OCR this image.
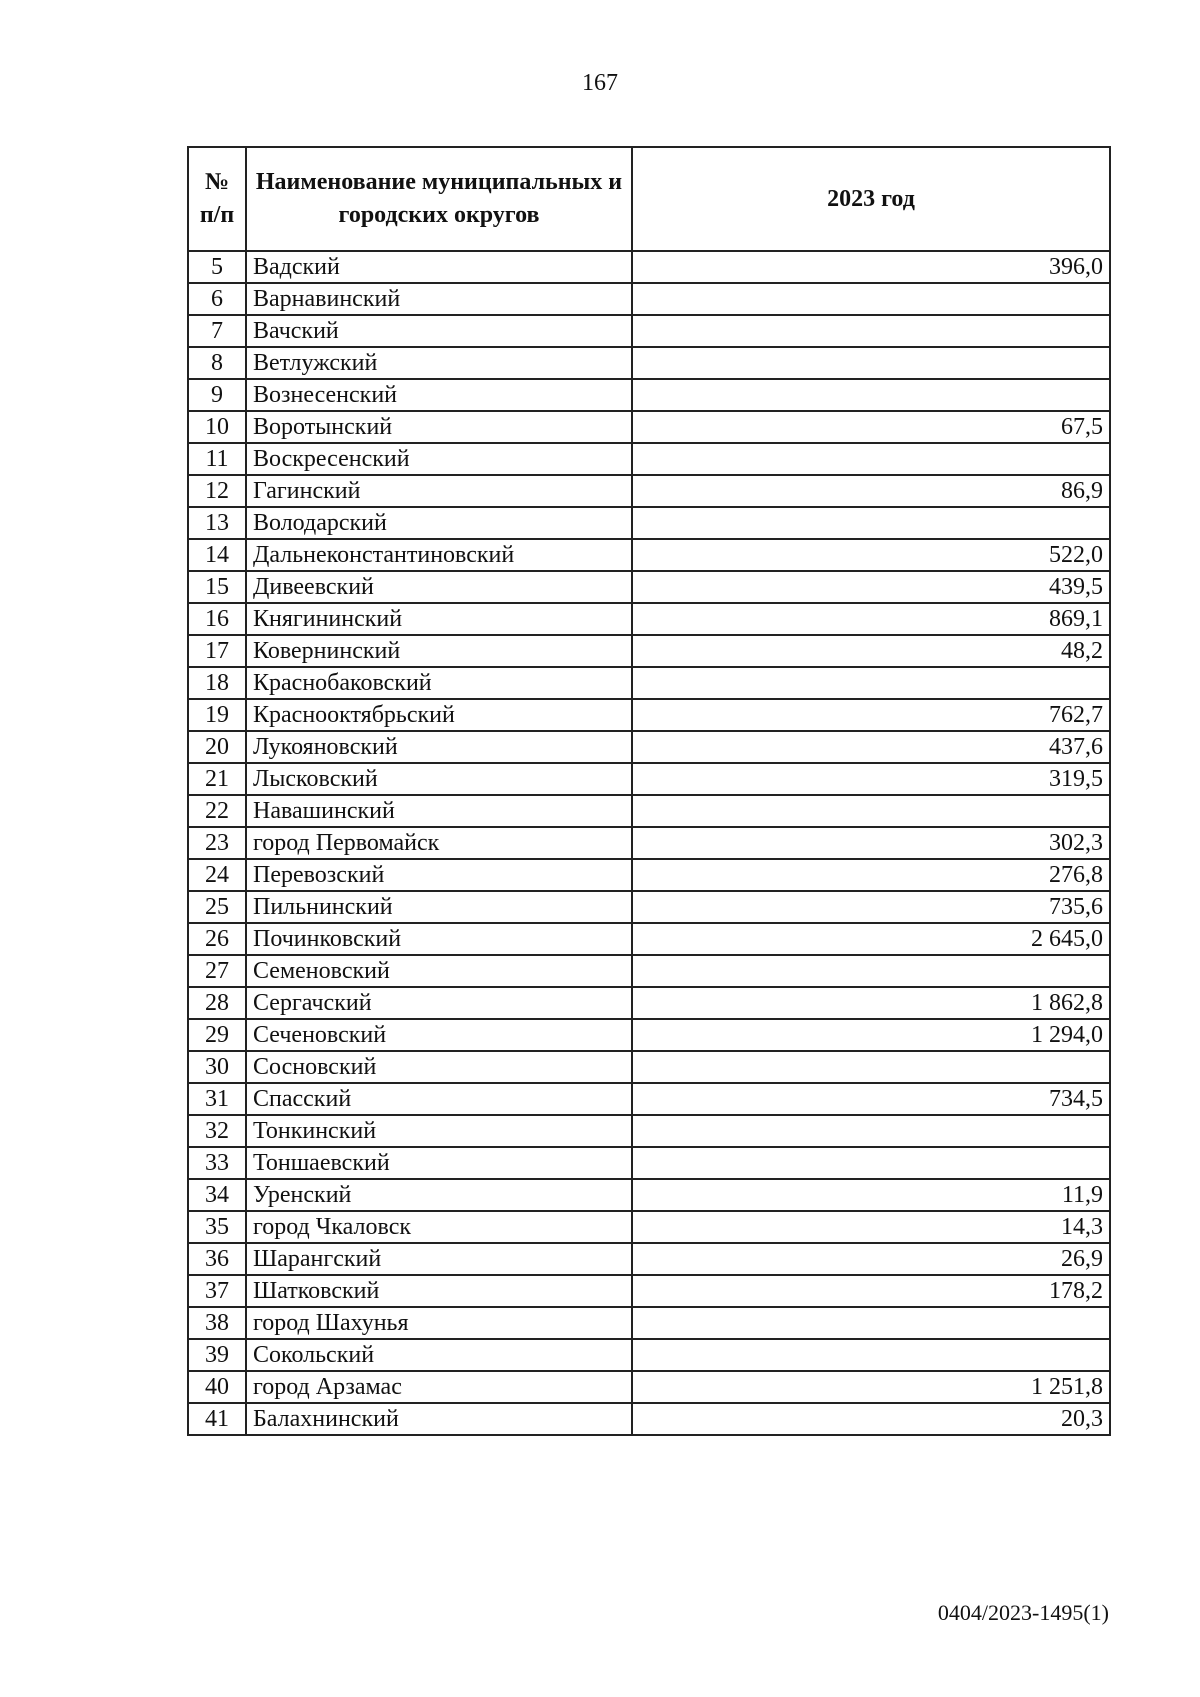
167
№ п/п	Наименование муниципальных и городских округов	2023 год
5	Вадский	396,0
6	Варнавинский	
7	Вачский	
8	Ветлужский	
9	Вознесенский	
10	Воротынский	67,5
11	Воскресенский	
12	Гагинский	86,9
13	Володарский	
14	Дальнеконстантиновский	522,0
15	Дивеевский	439,5
16	Княгининский	869,1
17	Ковернинский	48,2
18	Краснобаковский	
19	Краснооктябрьский	762,7
20	Лукояновский	437,6
21	Лысковский	319,5
22	Навашинский	
23	город Первомайск	302,3
24	Перевозский	276,8
25	Пильнинский	735,6
26	Починковский	2 645,0
27	Семеновский	
28	Сергачский	1 862,8
29	Сеченовский	1 294,0
30	Сосновский	
31	Спасский	734,5
32	Тонкинский	
33	Тоншаевский	
34	Уренский	11,9
35	город Чкаловск	14,3
36	Шарангский	26,9
37	Шатковский	178,2
38	город Шахунья	
39	Сокольский	
40	город Арзамас	1 251,8
41	Балахнинский	20,3
0404/2023-1495(1)
